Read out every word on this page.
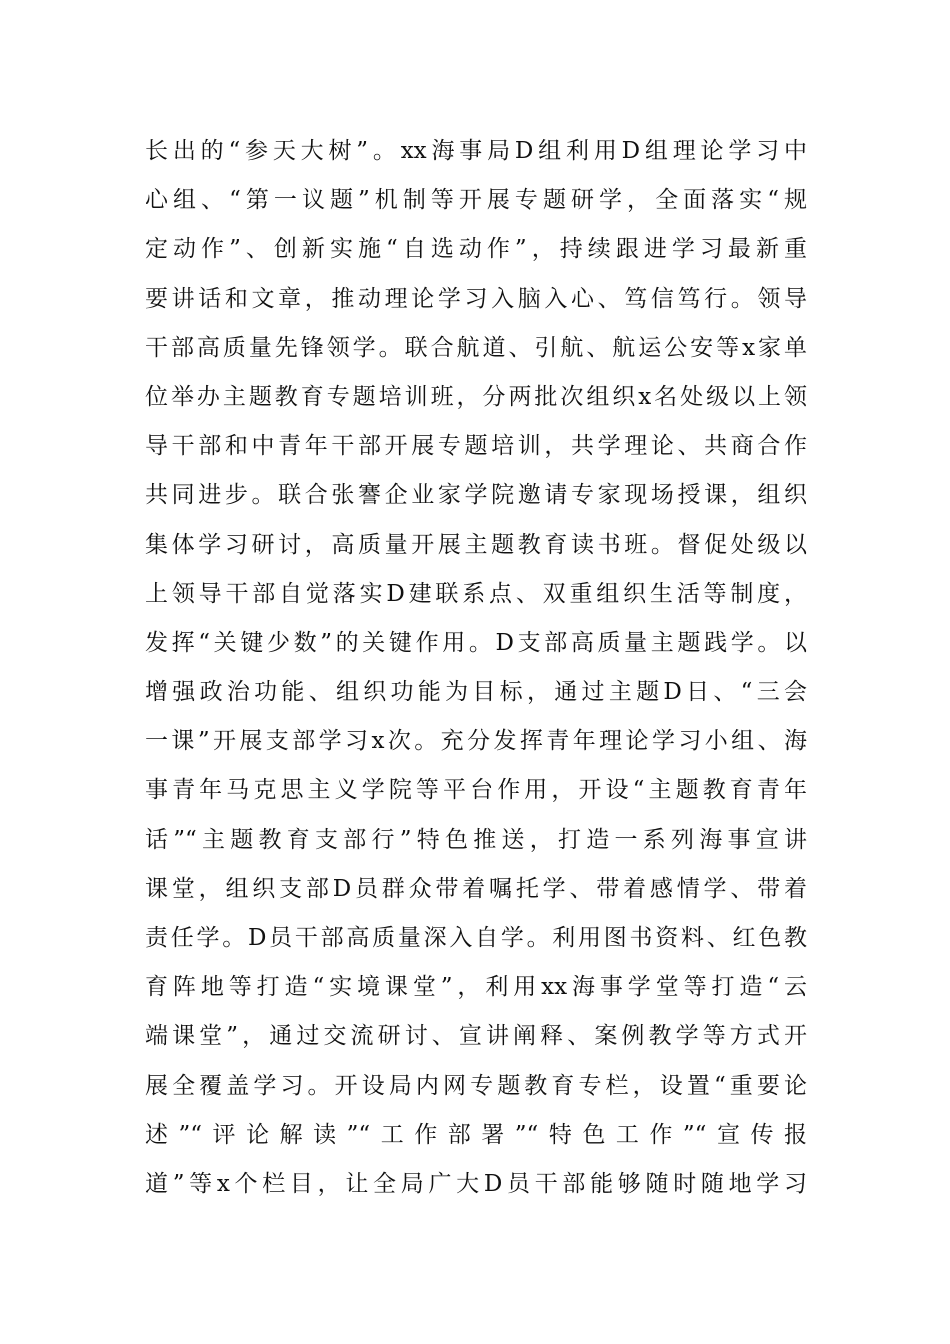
长出的“参天大树”。xx海事局D组利用D组理论学习中
心组、“第一议题”机制等开展专题研学，全面落实“规
定动作”、创新实施“自选动作”，持续跟进学习最新重
要讲话和文章，推动理论学习入脑入心、笃信笃行。领导
干部高质量先锋领学。联合航道、引航、航运公安等x家单
位举办主题教育专题培训班，分两批次组织x名处级以上领
导干部和中青年干部开展专题培训，共学理论、共商合作
共同进步。联合张謇企业家学院邀请专家现场授课，组织
集体学习研讨，高质量开展主题教育读书班。督促处级以
上领导干部自觉落实D建联系点、双重组织生活等制度，
发挥“关键少数”的关键作用。D支部高质量主题践学。以
增强政治功能、组织功能为目标，通过主题D日、“三会
一课”开展支部学习x次。充分发挥青年理论学习小组、海
事青年马克思主义学院等平台作用，开设“主题教育青年
话”“主题教育支部行”特色推送，打造一系列海事宣讲
课堂，组织支部D员群众带着嘱托学、带着感情学、带着
责任学。D员干部高质量深入自学。利用图书资料、红色教
育阵地等打造“实境课堂”，利用xx海事学堂等打造“云
端课堂”，通过交流研讨、宣讲阐释、案例教学等方式开
展全覆盖学习。开设局内网专题教育专栏，设置“重要论
述”“评论解读”“工作部署”“特色工作”“宣传报
道”等x个栏目，让全局广大D员干部能够随时随地学习
